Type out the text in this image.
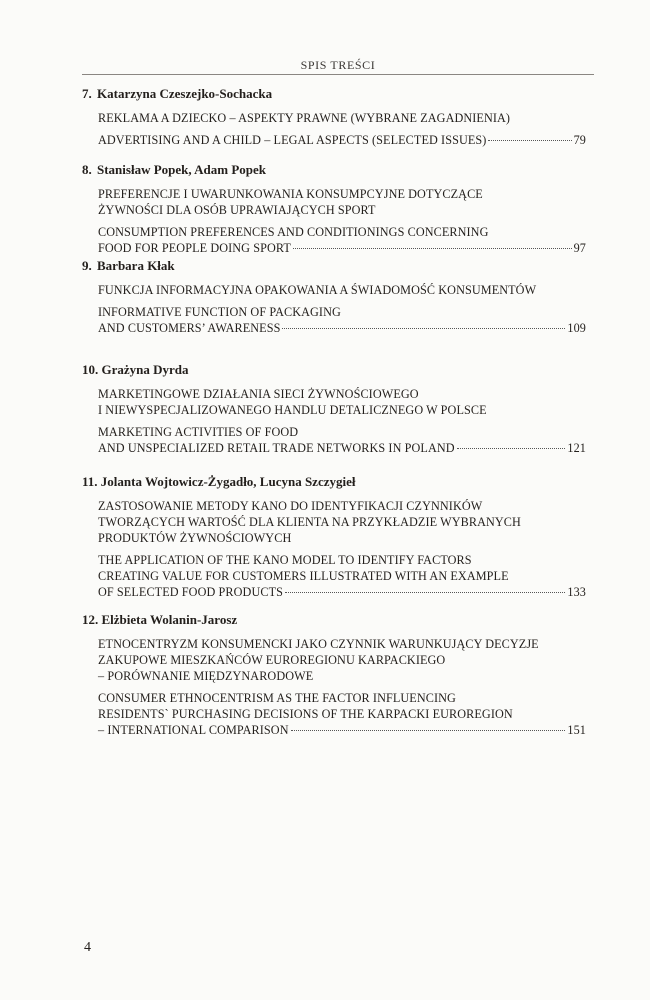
SPIS TREŚCI
7. Katarzyna Czeszejko-Sochacka
REKLAMA A DZIECKO – ASPEKTY PRAWNE (WYBRANE ZAGADNIENIA)
ADVERTISING AND A CHILD – LEGAL ASPECTS (SELECTED ISSUES)	79
8. Stanisław Popek, Adam Popek
PREFERENCJE I UWARUNKOWANIA KONSUMPCYJNE DOTYCZĄCE
ŻYWNOŚCI DLA OSÓB UPRAWIAJĄCYCH SPORT
CONSUMPTION PREFERENCES AND CONDITIONINGS CONCERNING
FOOD FOR PEOPLE DOING SPORT	97
9. Barbara Kłak
FUNKCJA INFORMACYJNA OPAKOWANIA A ŚWIADOMOŚĆ KONSUMENTÓW
INFORMATIVE FUNCTION OF PACKAGING
AND CUSTOMERS’ AWARENESS	109
10. Grażyna Dyrda
MARKETINGOWE DZIAŁANIA SIECI ŻYWNOŚCIOWEGO
I NIEWYSPECJALIZOWANEGO HANDLU DETALICZNEGO W POLSCE
MARKETING ACTIVITIES OF FOOD
AND UNSPECIALIZED RETAIL TRADE NETWORKS IN POLAND	121
11. Jolanta Wojtowicz-Żygadło, Lucyna Szczygieł
ZASTOSOWANIE METODY KANO DO IDENTYFIKACJI CZYNNIKÓW
TWORZĄCYCH WARTOŚĆ DLA KLIENTA NA PRZYKŁADZIE WYBRANYCH
PRODUKTÓW ŻYWNOŚCIOWYCH
THE APPLICATION OF THE KANO MODEL TO IDENTIFY FACTORS
CREATING VALUE FOR CUSTOMERS ILLUSTRATED WITH AN EXAMPLE
OF SELECTED FOOD PRODUCTS	133
12. Elżbieta Wolanin-Jarosz
ETNOCENTRYZM KONSUMENCKI JAKO CZYNNIK WARUNKUJĄCY DECYZJE
ZAKUPOWE MIESZKAŃCÓW EUROREGIONU KARPACKIEGO
– PORÓWNANIE MIĘDZYNARODOWE
CONSUMER ETHNOCENTRISM AS THE FACTOR INFLUENCING
RESIDENTS` PURCHASING DECISIONS OF THE KARPACKI EUROREGION
– INTERNATIONAL COMPARISON	151
4
